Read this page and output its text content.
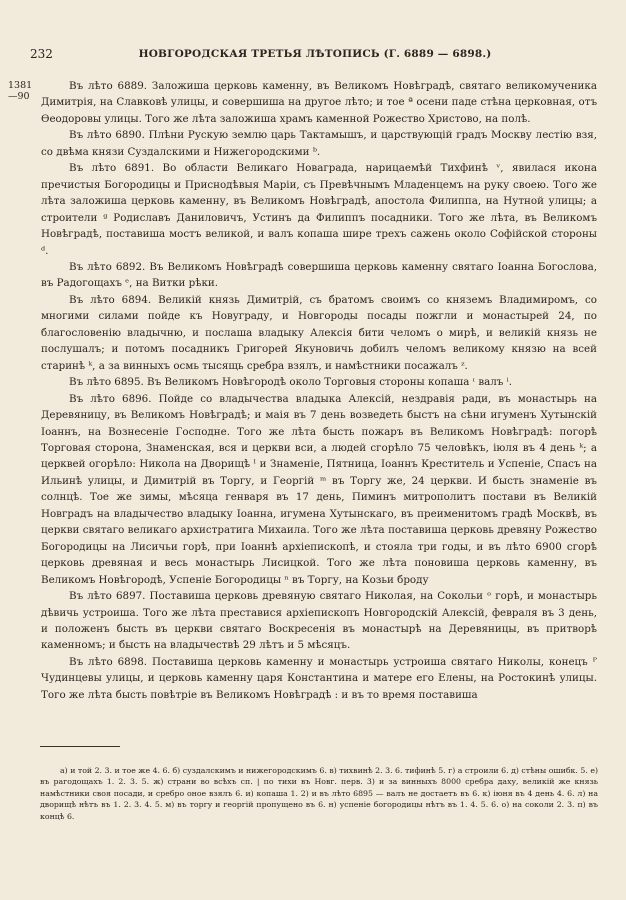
232	НОВГОРОДСКАЯ ТРЕТЬЯ ЛѢТОПИСЬ (Г. 6889 — 6898.)
1381
—90

Въ лѣто 6889. Заложиша церковь каменну, въ Великомъ Новѣградѣ, святаго великомученика Димитрія, на Славковѣ улицы, и совершиша на другое лѣто; и тое ª осени паде стѣна церковная, отъ Өеодоровы улицы. Того же лѣта заложиша храмъ каменной Рожество Христово, на полѣ.

Въ лѣто 6890. Плѣни Рускую землю царь Тактамышъ, и царствующій градъ Москву лестію взя, со двѣма князи Суздалскими и Нижегородскими ᵇ.

Въ лѣто 6891. Во области Великаго Новаграда, нарицаемѣй Тихфинѣ ᵛ, явилася икона пречистыя Богородицы и Приснодѣвыя Маріи, съ Превѣчнымъ Младенцемъ на руку своею. Того же лѣта заложиша церковь каменну, въ Великомъ Новѣградѣ, апостола Филиппа, на Нутной улицы; а строители ᵍ Родиславъ Даниловичъ, Устинъ да Филиппъ посадники. Того же лѣта, въ Великомъ Новѣградѣ, поставиша мостъ великой, и валъ копаша шире трехъ сажень около Софійской стороны ᵈ.

Въ лѣто 6892. Въ Великомъ Новѣградѣ совершиша церковь каменну святаго Іоанна Богослова, въ Радогощахъ ᵉ, на Витки рѣки.

Въ лѣто 6894. Великій князь Димитрій, съ братомъ своимъ со княземъ Владимиромъ, со многими силами пойде къ Новуграду, и Новгороды посады пожгли и монастырей 24, по благословенію владычню, и послаша владыку Алексія бити челомъ о мирѣ, и великій князь не послушалъ; и потомъ посадникъ Григорей Якуновичь добилъ челомъ великому князю на всей старинѣ ᵏ, а за винныхъ осмь тысящь сребра взялъ, и намѣстники посажалъ ᶻ.

Въ лѣто 6895. Въ Великомъ Новѣгородѣ около Торговыя стороны копаша ᶦ валъ ⁱ.

Въ лѣто 6896. Пойде со владычества владыка Алексій, нездравія ради, въ монастырь на Деревяницу, въ Великомъ Новѣградѣ; и маія въ 7 день возведеть быстъ на сѣни игуменъ Хутынскій Іоаннъ, на Вознесеніе Господне. Того же лѣта бысть пожаръ въ Великомъ Новѣградѣ: погорѣ Торговая сторона, Знаменская, вся и церкви вси, а людей сгорѣло 75 человѣкъ, іюля въ 4 день ᵏ; а церквей огорѣло: Никола на Дворищѣ ˡ и Знаменіе, Пятница, Іоаннъ Креститель и Успеніе, Спасъ на Ильинѣ улицы, и Димитрій въ Торгу, и Георгій ᵐ въ Торгу же, 24 церкви. И бысть знаменіе въ солнцѣ. Тое же зимы, мѣсяца генваря въ 17 день, Пиминъ митрополитъ постави въ Великій Новградъ на владычество владыку Іоанна, игумена Хутынскаго, въ преименитомъ градѣ Москвѣ, въ церкви святаго великаго архистратига Михаила. Того же лѣта поставиша церковь древяну Рожество Богородицы на Лисичьи горѣ, при Іоаннѣ архіепископѣ, и стояла три годы, и въ лѣто 6900 сгорѣ церковь древяная и весь монастырь Лисицкой. Того же лѣта поновиша церковь каменну, въ Великомъ Новѣгородѣ, Успеніе Богородицы ⁿ въ Торгу, на Козьи броду

Въ лѣто 6897. Поставиша церковь древяную святаго Николая, на Сокольи ᵒ горѣ, и монастырь дѣвичь устроиша. Того же лѣта преставися архіепископъ Новгородскій Алексій, февраля въ 3 день, и положенъ бысть въ церкви святаго Воскресенія въ монастырѣ на Деревяницы, въ притворѣ каменномъ; и бысть на владычествѣ 29 лѣтъ и 5 мѣсяцъ.

Въ лѣто 6898. Поставиша церковь каменну и монастырь устроиша святаго Николы, конецъ ᴾ Чудинцевы улицы, и церковь каменну царя Константина и матере его Елены, на Ростокинѣ улицы. Того же лѣта бысть повѣтріе въ Великомъ Новѣградѣ : и въ то время поставиша

а) и той 2. 3. и тое же 4. 6. б) суздалскимъ и нижегородскимъ 6. в) тихвинѣ 2. 3. 6. тифинѣ 5. г) а строили 6. д) стѣны ошибк. 5. е) въ рагодощахъ 1. 2. 3. 5. ж) страни во всѣхъ сп. | по тихи въ Новг. перв. 3) и за винныхъ 8000 сребра даху, великій же князь намѣстники своя посади, и сребро оное взялъ 6. и) копаша 1. 2) и въ лѣто 6895 — валъ не достаетъ въ 6. к) іюня въ 4 день 4. 6. л) на дворищѣ нѣтъ въ 1. 2. 3. 4. 5. м) въ торгу и георгій пропущено въ 6. н) успеніе богородицы нѣтъ въ 1. 4. 5. 6. о) на соколи 2. 3. п) въ концѣ 6.
